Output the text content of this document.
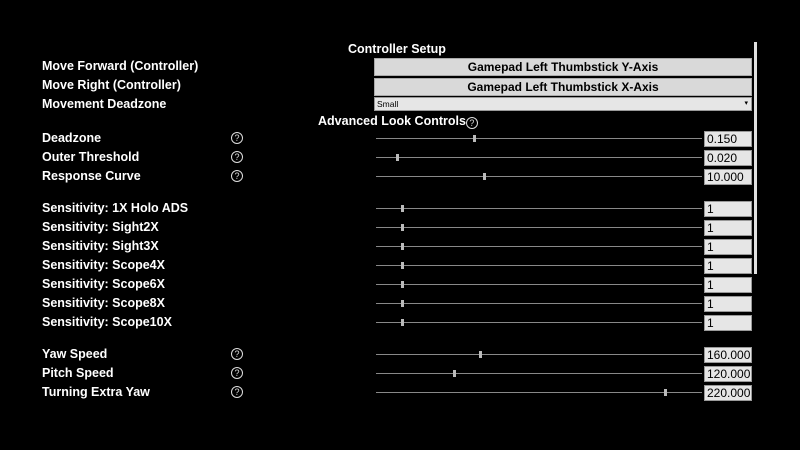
Controller Setup
Move Forward (Controller)	Gamepad Left Thumbstick Y-Axis
Move Right (Controller)	Gamepad Left Thumbstick X-Axis
Movement Deadzone	Small	▾
Advanced Look Controls ?
Deadzone	?	0.150
Outer Threshold	?	0.020
Response Curve	?	10.000
Sensitivity: 1X Holo ADS	1
Sensitivity: Sight2X	1
Sensitivity: Sight3X	1
Sensitivity: Scope4X	1
Sensitivity: Scope6X	1
Sensitivity: Scope8X	1
Sensitivity: Scope10X	1
Yaw Speed	?	160.000
Pitch Speed	?	120.000
Turning Extra Yaw	?	220.000
